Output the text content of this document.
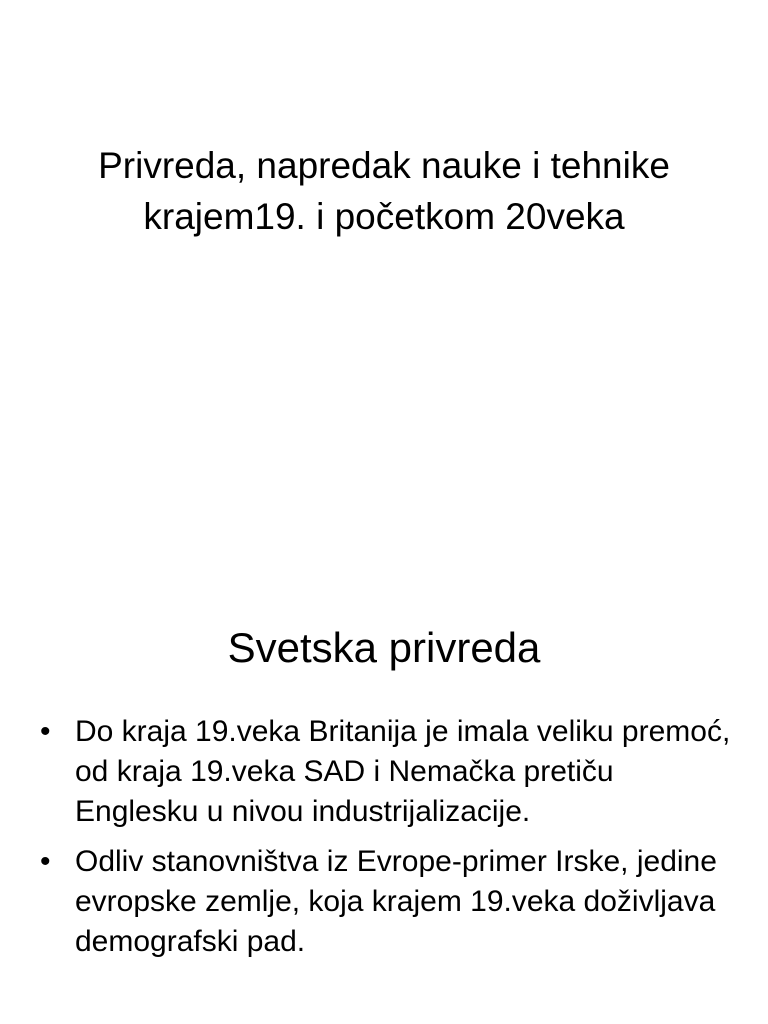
Privreda, napredak nauke i tehnike krajem19. i početkom 20veka
Svetska privreda
• Do kraja 19.veka Britanija je imala veliku premoć, od kraja 19.veka SAD i Nemačka pretiču Englesku u nivou industrijalizacije.
• Odliv stanovništva iz Evrope-primer Irske, jedine evropske zemlje, koja krajem 19.veka doživljava demografski pad.
